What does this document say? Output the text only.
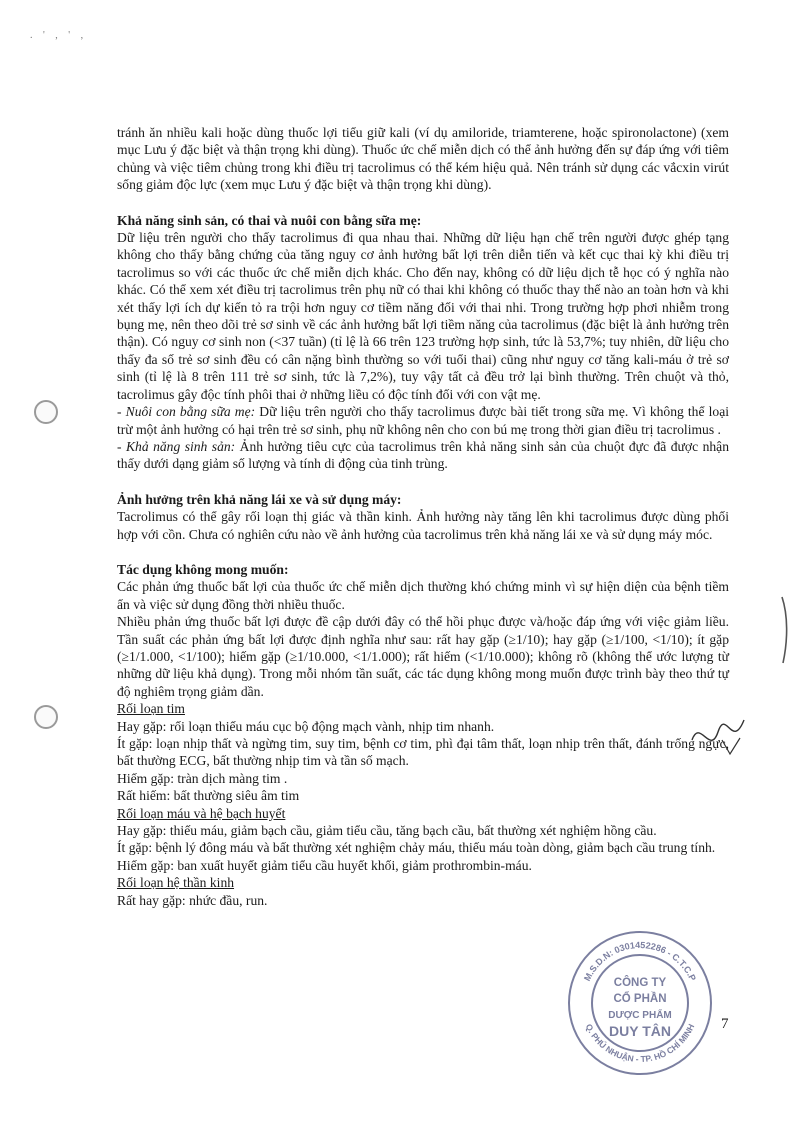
. ' , ' ,

tránh ăn nhiều kali hoặc dùng thuốc lợi tiểu giữ kali (ví dụ amiloride, triamterene, hoặc spironolactone) (xem mục Lưu ý đặc biệt và thận trọng khi dùng). Thuốc ức chế miễn dịch có thể ảnh hưởng đến sự đáp ứng với tiêm chủng và việc tiêm chủng trong khi điều trị tacrolimus có thể kém hiệu quả. Nên tránh sử dụng các vắcxin virút sống giảm độc lực (xem mục Lưu ý đặc biệt và thận trọng khi dùng).

Khả năng sinh sản, có thai và nuôi con bằng sữa mẹ:

Dữ liệu trên người cho thấy tacrolimus đi qua nhau thai. Những dữ liệu hạn chế trên người được ghép tạng không cho thấy bằng chứng của tăng nguy cơ ảnh hưởng bất lợi trên diễn tiến và kết cục thai kỳ khi điều trị tacrolimus so với các thuốc ức chế miễn dịch khác. Cho đến nay, không có dữ liệu dịch tễ học có ý nghĩa nào khác. Có thể xem xét điều trị tacrolimus trên phụ nữ có thai khi không có thuốc thay thế nào an toàn hơn và khi xét thấy lợi ích dự kiến tỏ ra trội hơn nguy cơ tiềm năng đối với thai nhi. Trong trường hợp phơi nhiễm trong bụng mẹ, nên theo dõi trẻ sơ sinh về các ảnh hưởng bất lợi tiềm năng của tacrolimus (đặc biệt là ảnh hưởng trên thận). Có nguy cơ sinh non (<37 tuần) (tỉ lệ là 66 trên 123 trường hợp sinh, tức là 53,7%; tuy nhiên, dữ liệu cho thấy đa số trẻ sơ sinh đều có cân nặng bình thường so với tuổi thai) cũng như nguy cơ tăng kali-máu ở trẻ sơ sinh (tỉ lệ là 8 trên 111 trẻ sơ sinh, tức là 7,2%), tuy vậy tất cả đều trở lại bình thường. Trên chuột và thỏ, tacrolimus gây độc tính phôi thai ở những liều có độc tính đối với con vật mẹ.

- Nuôi con bằng sữa mẹ: Dữ liệu trên người cho thấy tacrolimus được bài tiết trong sữa mẹ. Vì không thể loại trừ một ảnh hưởng có hại trên trẻ sơ sinh, phụ nữ không nên cho con bú mẹ trong thời gian điều trị tacrolimus .

- Khả năng sinh sản: Ảnh hưởng tiêu cực của tacrolimus trên khả năng sinh sản của chuột đực đã được nhận thấy dưới dạng giảm số lượng và tính di động của tinh trùng.

Ảnh hưởng trên khả năng lái xe và sử dụng máy:

Tacrolimus có thể gây rối loạn thị giác và thần kinh. Ảnh hưởng này tăng lên khi tacrolimus được dùng phối hợp với cồn. Chưa có nghiên cứu nào về ảnh hưởng của tacrolimus trên khả năng lái xe và sử dụng máy móc.

Tác dụng không mong muốn:

Các phản ứng thuốc bất lợi của thuốc ức chế miễn dịch thường khó chứng minh vì sự hiện diện của bệnh tiềm ẩn và việc sử dụng đồng thời nhiều thuốc.

Nhiều phản ứng thuốc bất lợi được đề cập dưới đây có thể hồi phục được và/hoặc đáp ứng với việc giảm liều. Tần suất các phản ứng bất lợi được định nghĩa như sau: rất hay gặp (≥1/10); hay gặp (≥1/100, <1/10); ít gặp (≥1/1.000, <1/100); hiếm gặp (≥1/10.000, <1/1.000); rất hiếm (<1/10.000); không rõ (không thể ước lượng từ những dữ liệu khả dụng). Trong mỗi nhóm tần suất, các tác dụng không mong muốn được trình bày theo thứ tự độ nghiêm trọng giảm dần.

Rối loạn tim

Hay gặp: rối loạn thiếu máu cục bộ động mạch vành, nhịp tim nhanh.

Ít gặp: loạn nhịp thất và ngừng tim, suy tim, bệnh cơ tim, phì đại tâm thất, loạn nhịp trên thất, đánh trống ngực, bất thường ECG, bất thường nhịp tim và tần số mạch.

Hiếm gặp: tràn dịch màng tim .

Rất hiếm: bất thường siêu âm tim

Rối loạn máu và hệ bạch huyết

Hay gặp: thiếu máu, giảm bạch cầu, giảm tiểu cầu, tăng bạch cầu, bất thường xét nghiệm hồng cầu.

Ít gặp: bệnh lý đông máu và bất thường xét nghiệm chảy máu, thiếu máu toàn dòng, giảm bạch cầu trung tính.

Hiếm gặp: ban xuất huyết giảm tiểu cầu huyết khối, giảm prothrombin-máu.

Rối loạn hệ thần kinh

Rất hay gặp: nhức đầu, run.

M.S.D.N: 0301452286 - C.T.C.P
Q. PHÚ NHUẬN - TP. HỒ CHÍ MINH
CÔNG TY
CỔ PHẦN
DƯỢC PHẨM
DUY TÂN	7
